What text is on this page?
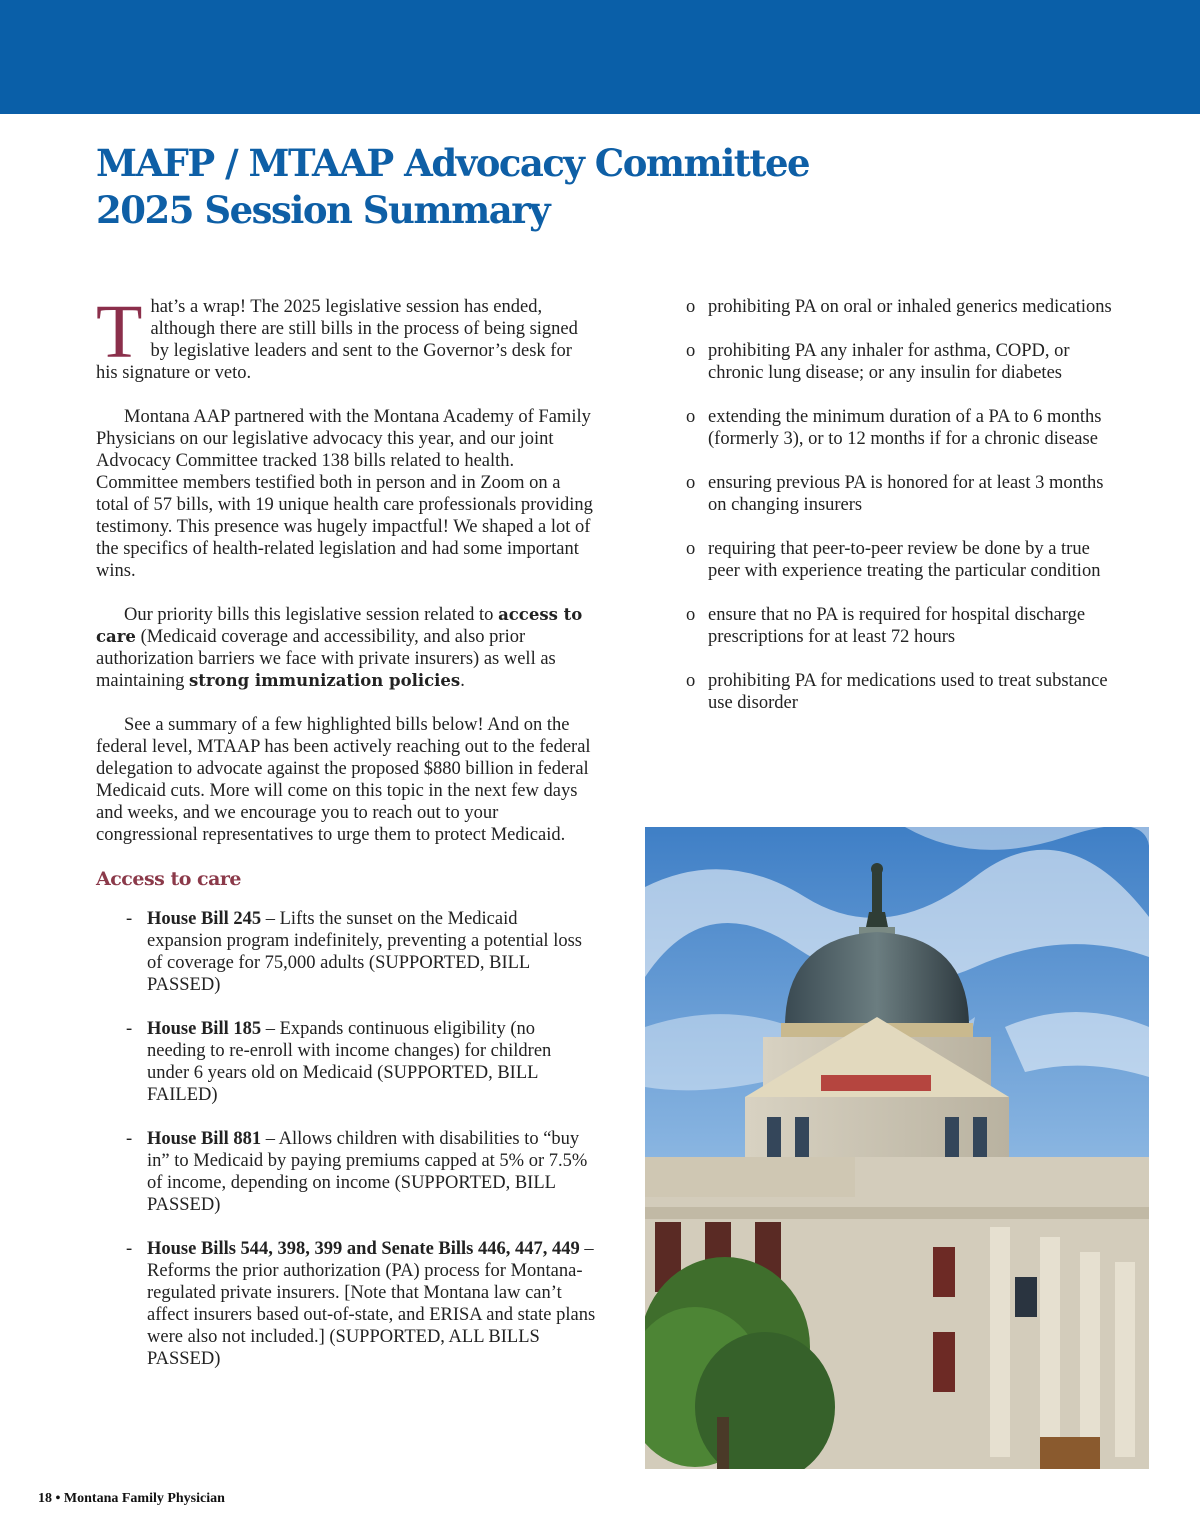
MAFP / MTAAP Advocacy Committee
2025 Session Summary

That’s a wrap! The 2025 legislative session has ended, although there are still bills in the process of being signed by legislative leaders and sent to the Governor’s desk for his signature or veto.

Montana AAP partnered with the Montana Academy of Family Physicians on our legislative advocacy this year, and our joint Advocacy Committee tracked 138 bills related to health. Committee members testified both in person and in Zoom on a total of 57 bills, with 19 unique health care professionals providing testimony. This presence was hugely impactful! We shaped a lot of the specifics of health-related legislation and had some important wins.

Our priority bills this legislative session related to access to care (Medicaid coverage and accessibility, and also prior authorization barriers we face with private insurers) as well as maintaining strong immunization policies.

See a summary of a few highlighted bills below! And on the federal level, MTAAP has been actively reaching out to the federal delegation to advocate against the proposed $880 billion in federal Medicaid cuts. More will come on this topic in the next few days and weeks, and we encourage you to reach out to your congressional representatives to urge them to protect Medicaid.

Access to care
- House Bill 245 – Lifts the sunset on the Medicaid expansion program indefinitely, preventing a potential loss of coverage for 75,000 adults (SUPPORTED, BILL PASSED)
- House Bill 185 – Expands continuous eligibility (no needing to re-enroll with income changes) for children under 6 years old on Medicaid (SUPPORTED, BILL FAILED)
- House Bill 881 – Allows children with disabilities to “buy in” to Medicaid by paying premiums capped at 5% or 7.5% of income, depending on income (SUPPORTED, BILL PASSED)
- House Bills 544, 398, 399 and Senate Bills 446, 447, 449 – Reforms the prior authorization (PA) process for Montana-regulated private insurers. [Note that Montana law can’t affect insurers based out-of-state, and ERISA and state plans were also not included.] (SUPPORTED, ALL BILLS PASSED)
o prohibiting PA on oral or inhaled generics medications
o prohibiting PA any inhaler for asthma, COPD, or chronic lung disease; or any insulin for diabetes
o extending the minimum duration of a PA to 6 months (formerly 3), or to 12 months if for a chronic disease
o ensuring previous PA is honored for at least 3 months on changing insurers
o requiring that peer-to-peer review be done by a true peer with experience treating the particular condition
o ensure that no PA is required for hospital discharge prescriptions for at least 72 hours
o prohibiting PA for medications used to treat substance use disorder
18 • Montana Family Physician
